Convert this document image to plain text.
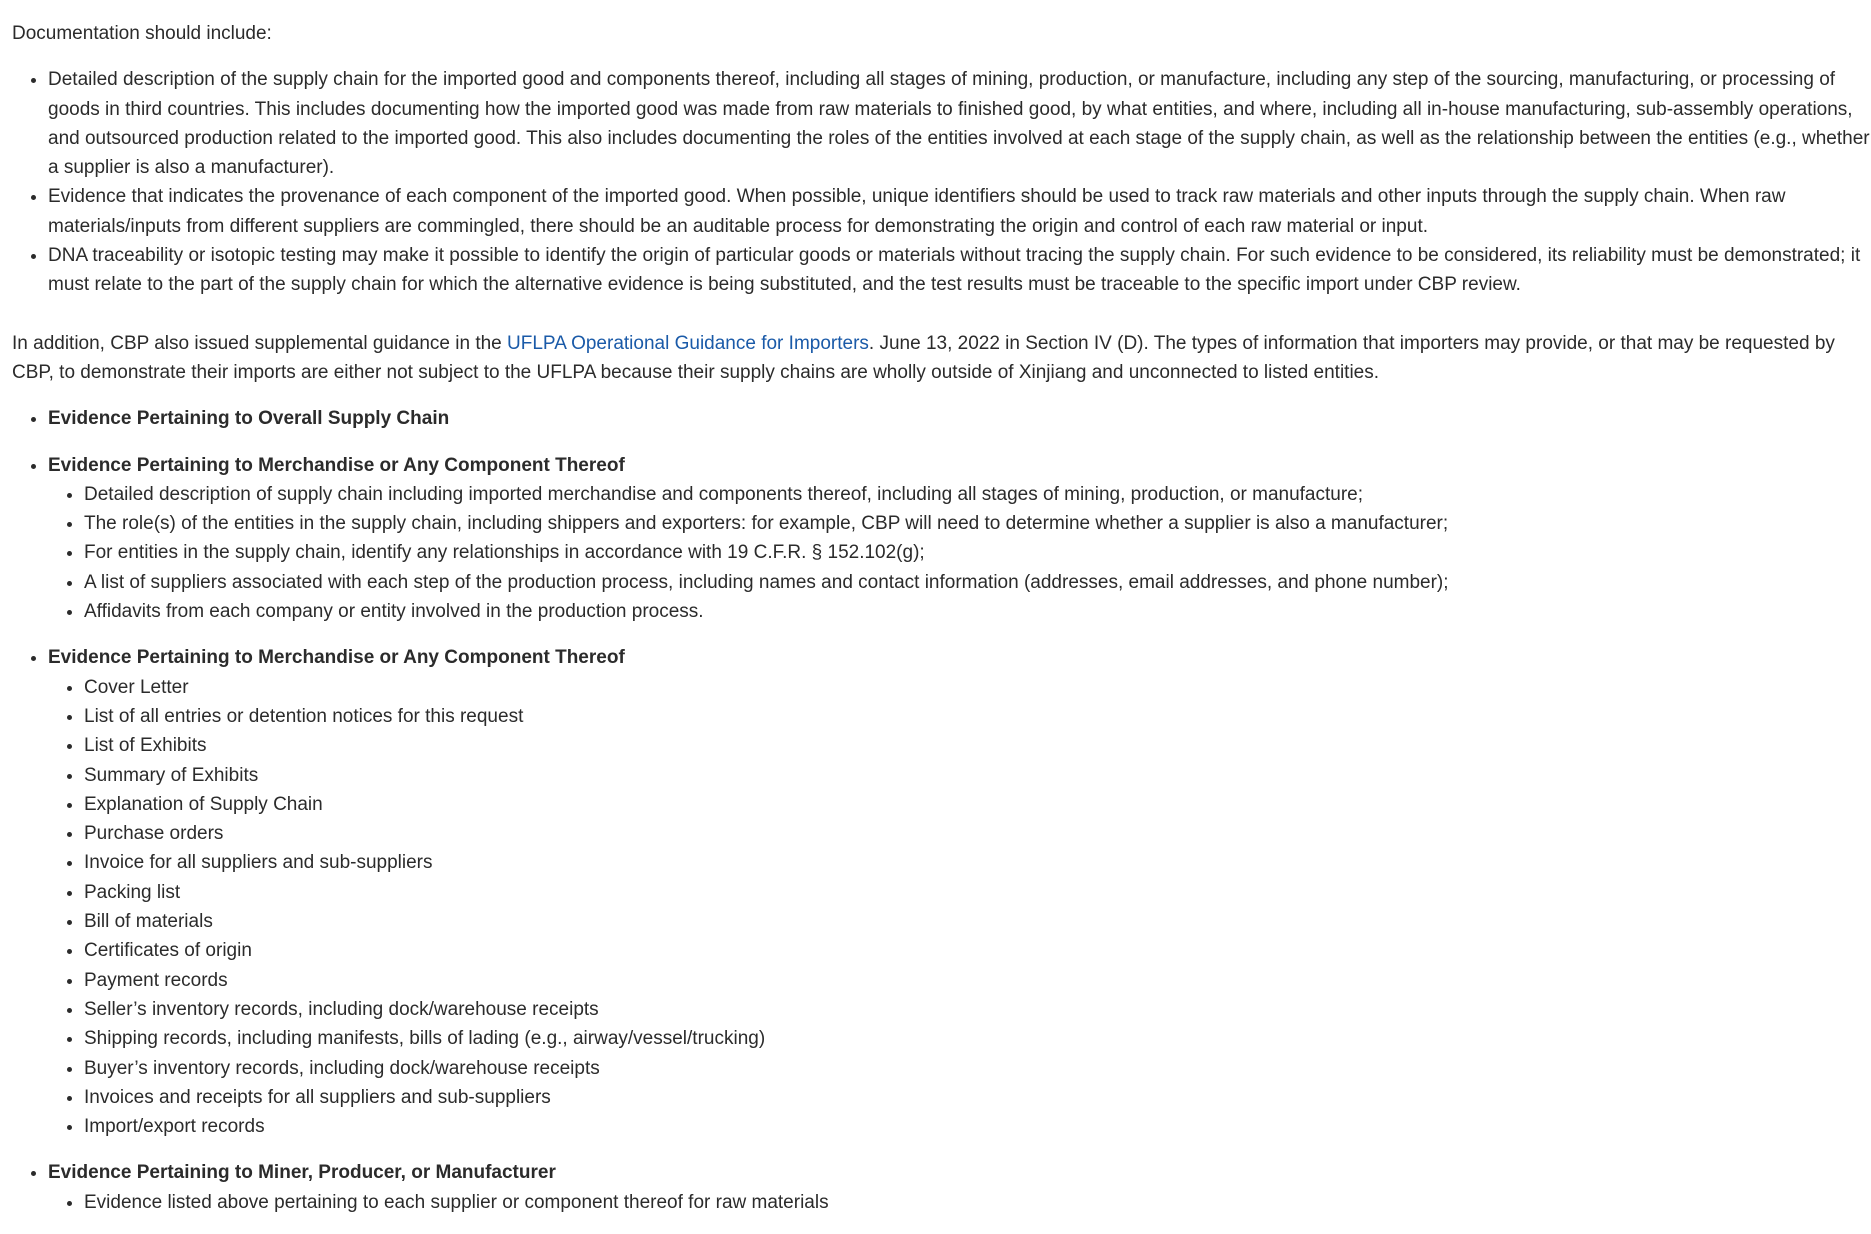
Documentation should include:

• Detailed description of the supply chain for the imported good and components thereof, including all stages of mining, production, or manufacture, including any step of the sourcing, manufacturing, or processing of goods in third countries. This includes documenting how the imported good was made from raw materials to finished good, by what entities, and where, including all in-house manufacturing, sub-assembly operations, and outsourced production related to the imported good. This also includes documenting the roles of the entities involved at each stage of the supply chain, as well as the relationship between the entities (e.g., whether a supplier is also a manufacturer).
• Evidence that indicates the provenance of each component of the imported good. When possible, unique identifiers should be used to track raw materials and other inputs through the supply chain. When raw materials/inputs from different suppliers are commingled, there should be an auditable process for demonstrating the origin and control of each raw material or input.
• DNA traceability or isotopic testing may make it possible to identify the origin of particular goods or materials without tracing the supply chain. For such evidence to be considered, its reliability must be demonstrated; it must relate to the part of the supply chain for which the alternative evidence is being substituted, and the test results must be traceable to the specific import under CBP review.

In addition, CBP also issued supplemental guidance in the UFLPA Operational Guidance for Importers. June 13, 2022 in Section IV (D). The types of information that importers may provide, or that may be requested by CBP, to demonstrate their imports are either not subject to the UFLPA because their supply chains are wholly outside of Xinjiang and unconnected to listed entities.

• Evidence Pertaining to Overall Supply Chain
• Evidence Pertaining to Merchandise or Any Component Thereof
• Detailed description of supply chain including imported merchandise and components thereof, including all stages of mining, production, or manufacture;
• The role(s) of the entities in the supply chain, including shippers and exporters: for example, CBP will need to determine whether a supplier is also a manufacturer;
• For entities in the supply chain, identify any relationships in accordance with 19 C.F.R. § 152.102(g);
• A list of suppliers associated with each step of the production process, including names and contact information (addresses, email addresses, and phone number);
• Affidavits from each company or entity involved in the production process.
• Evidence Pertaining to Merchandise or Any Component Thereof
• Cover Letter
• List of all entries or detention notices for this request
• List of Exhibits
• Summary of Exhibits
• Explanation of Supply Chain
• Purchase orders
• Invoice for all suppliers and sub-suppliers
• Packing list
• Bill of materials
• Certificates of origin
• Payment records
• Seller’s inventory records, including dock/warehouse receipts
• Shipping records, including manifests, bills of lading (e.g., airway/vessel/trucking)
• Buyer’s inventory records, including dock/warehouse receipts
• Invoices and receipts for all suppliers and sub-suppliers
• Import/export records
• Evidence Pertaining to Miner, Producer, or Manufacturer
• Evidence listed above pertaining to each supplier or component thereof for raw materials
